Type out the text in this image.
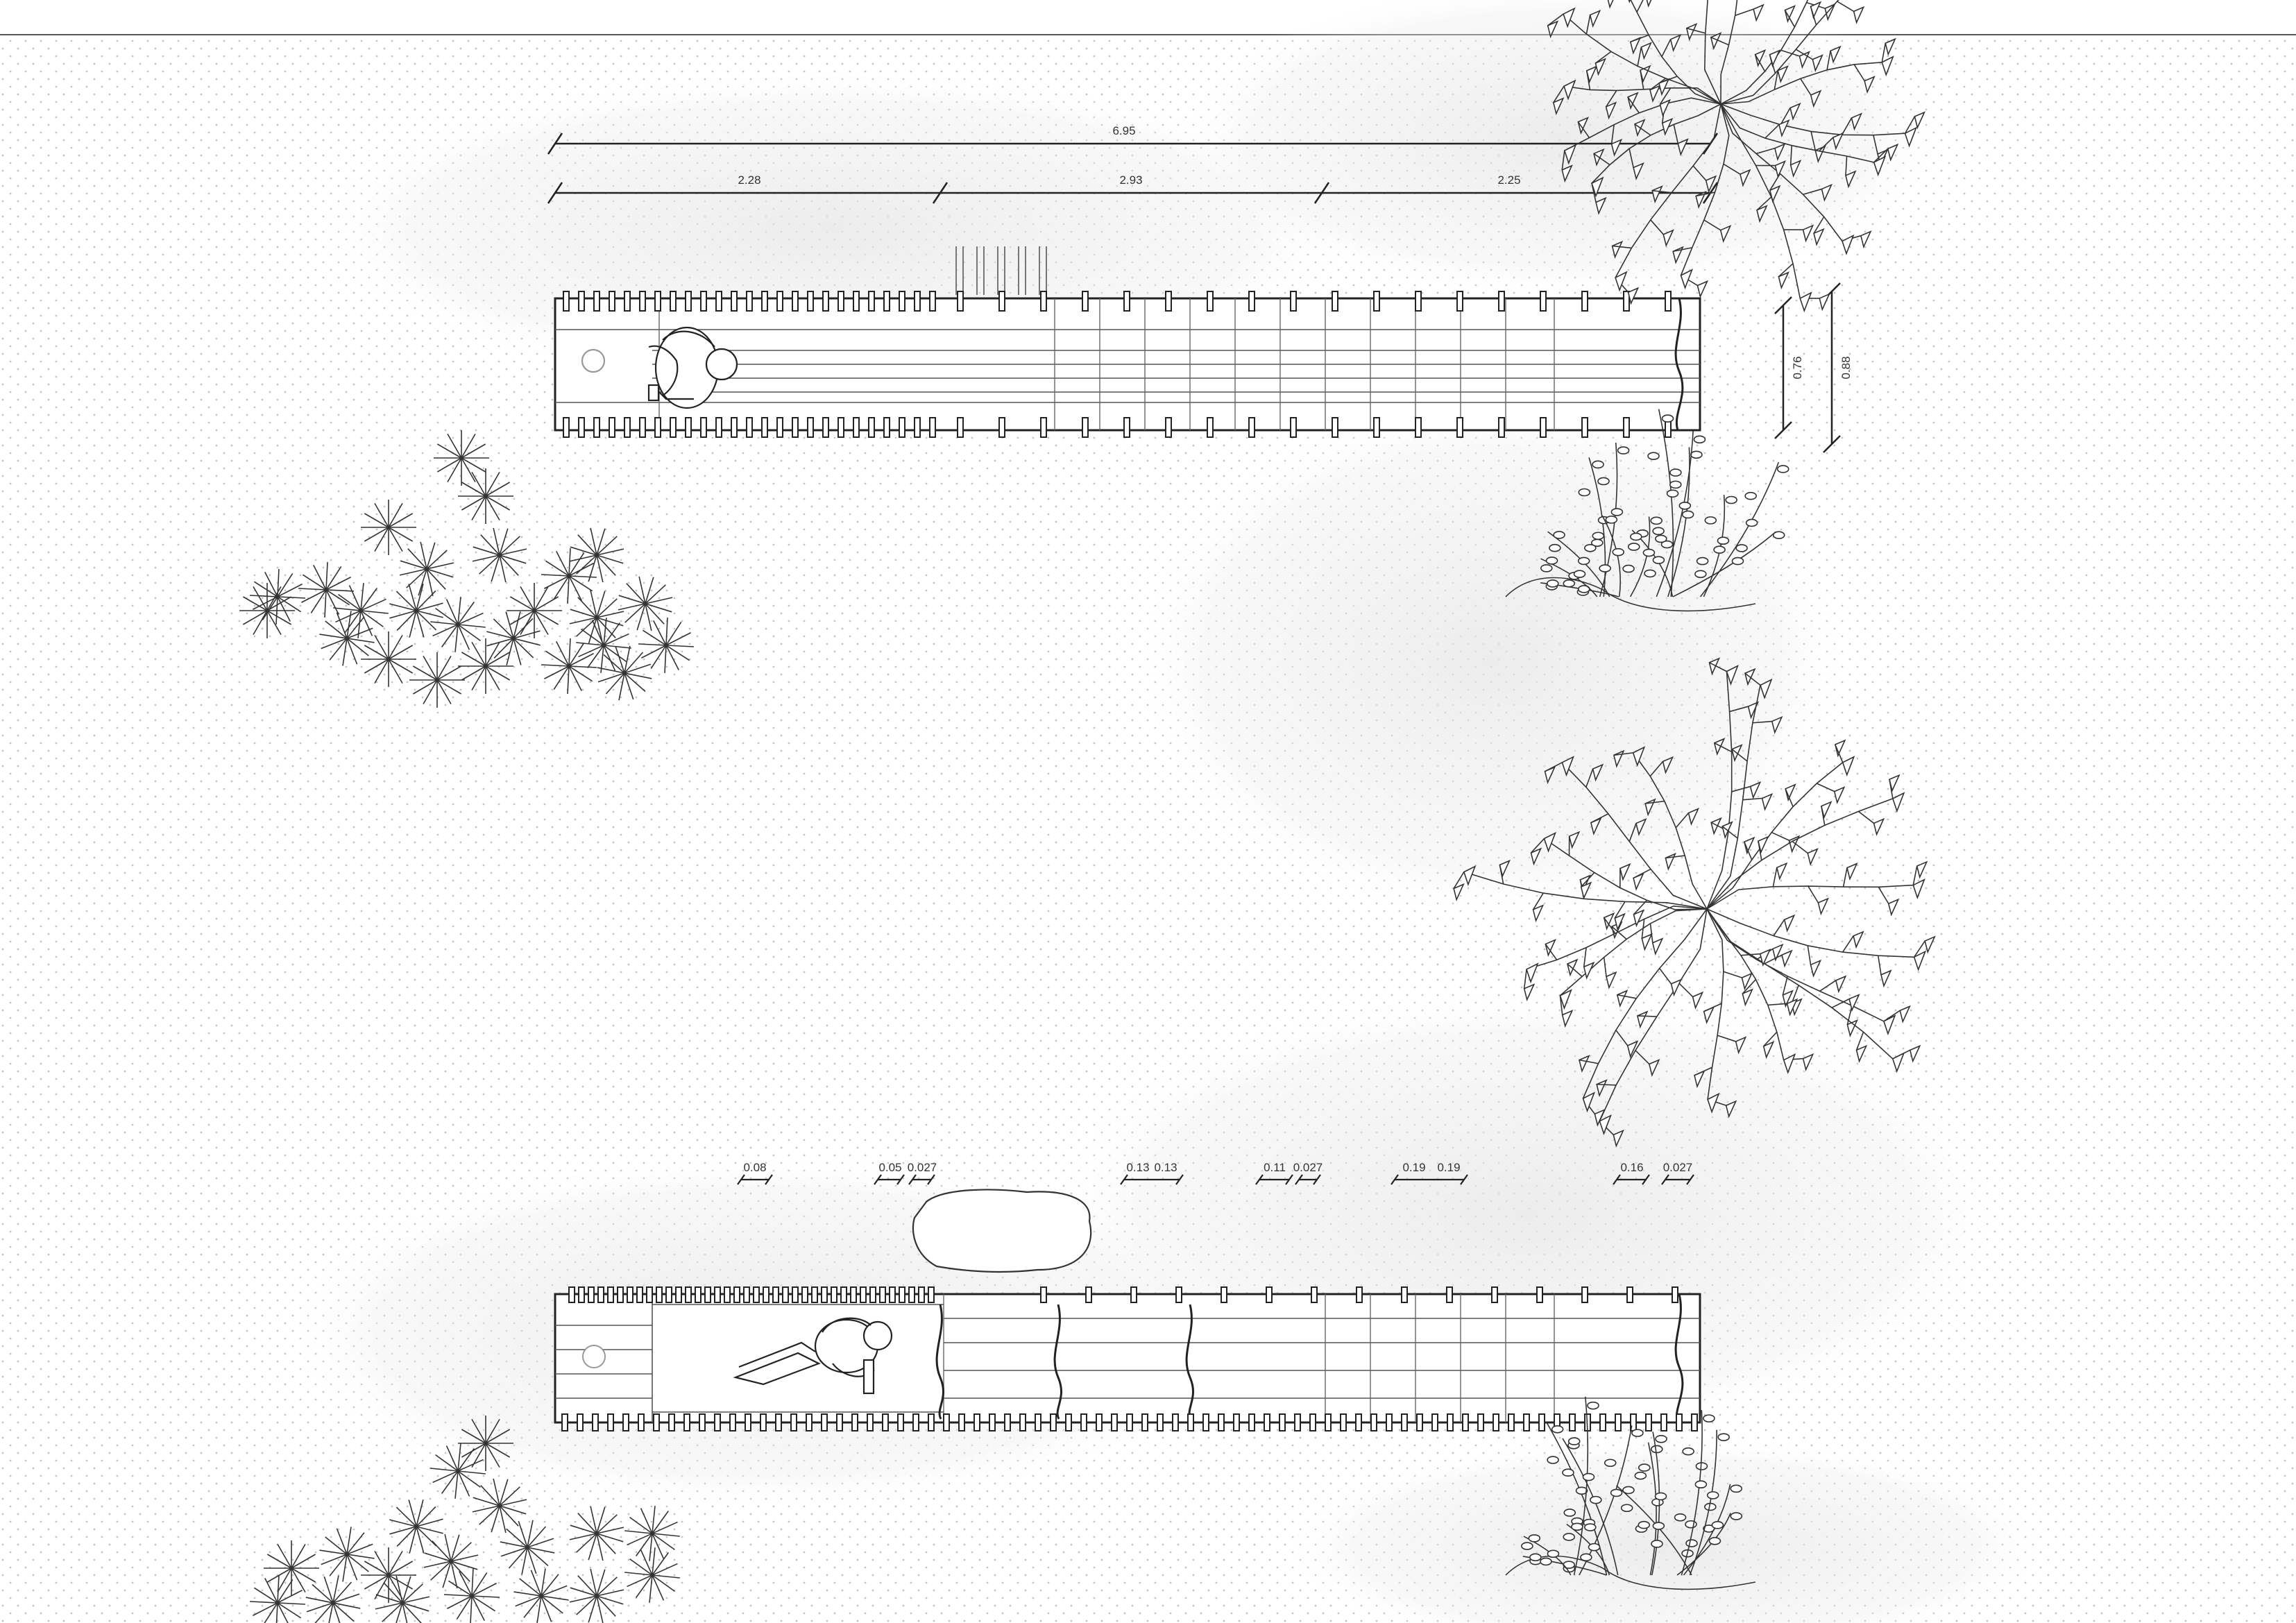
6.95
2.28	2.93	2.25
0.76	0.88
0.08	0.05 0.027	0.13 0.13	0.11 0.027	0.19 0.19	0.16 0.027
